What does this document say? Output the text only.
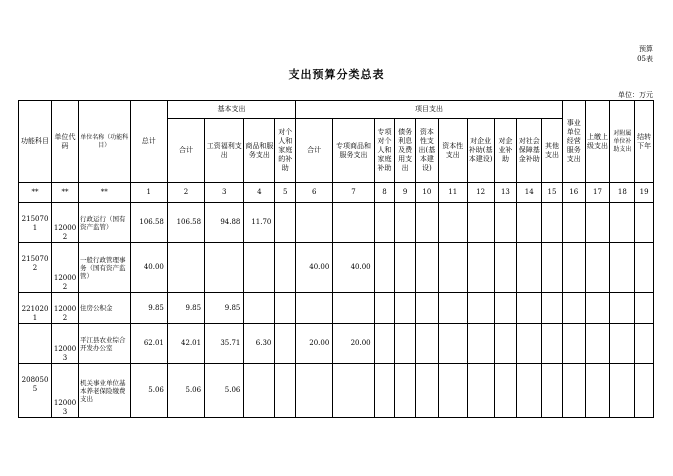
预算
05表
支出预算分类总表
单位：万元
功能科目	单位代码	单位名称（功能科目）	总计	基本支出				项目支出										事业单位经营服务支出	上缴上级支出	对附属单位补助支出	结转下年
				合计	工资福利支出	商品和服务支出	对个人和家庭的补助	合计	专项商品和服务支出	专项对个人和家庭补助	债务利息及费用支出	资本性支出(基本建设)	资本性支出	对企业补助(基本建设)	对企业补助	对社会保障基金补助	其他支出				
**	**	**	1	2	3	4	5	6	7	8	9	10	11	12	13	14	15	16	17	18	19
2150701	120002	行政运行（国有资产监管）	106.58	106.58	94.88	11.70															
2150702	120002	一般行政管理事务（国有资产监管）	40.00					40.00	40.00												
2210201	120002	住房公积金	9.85	9.85	9.85																
	120003	平江县农业综合开发办公室	62.01	42.01	35.71	6.30		20.00	20.00												
2080505	120003	机关事业单位基本养老保险缴费支出	5.06	5.06	5.06																
